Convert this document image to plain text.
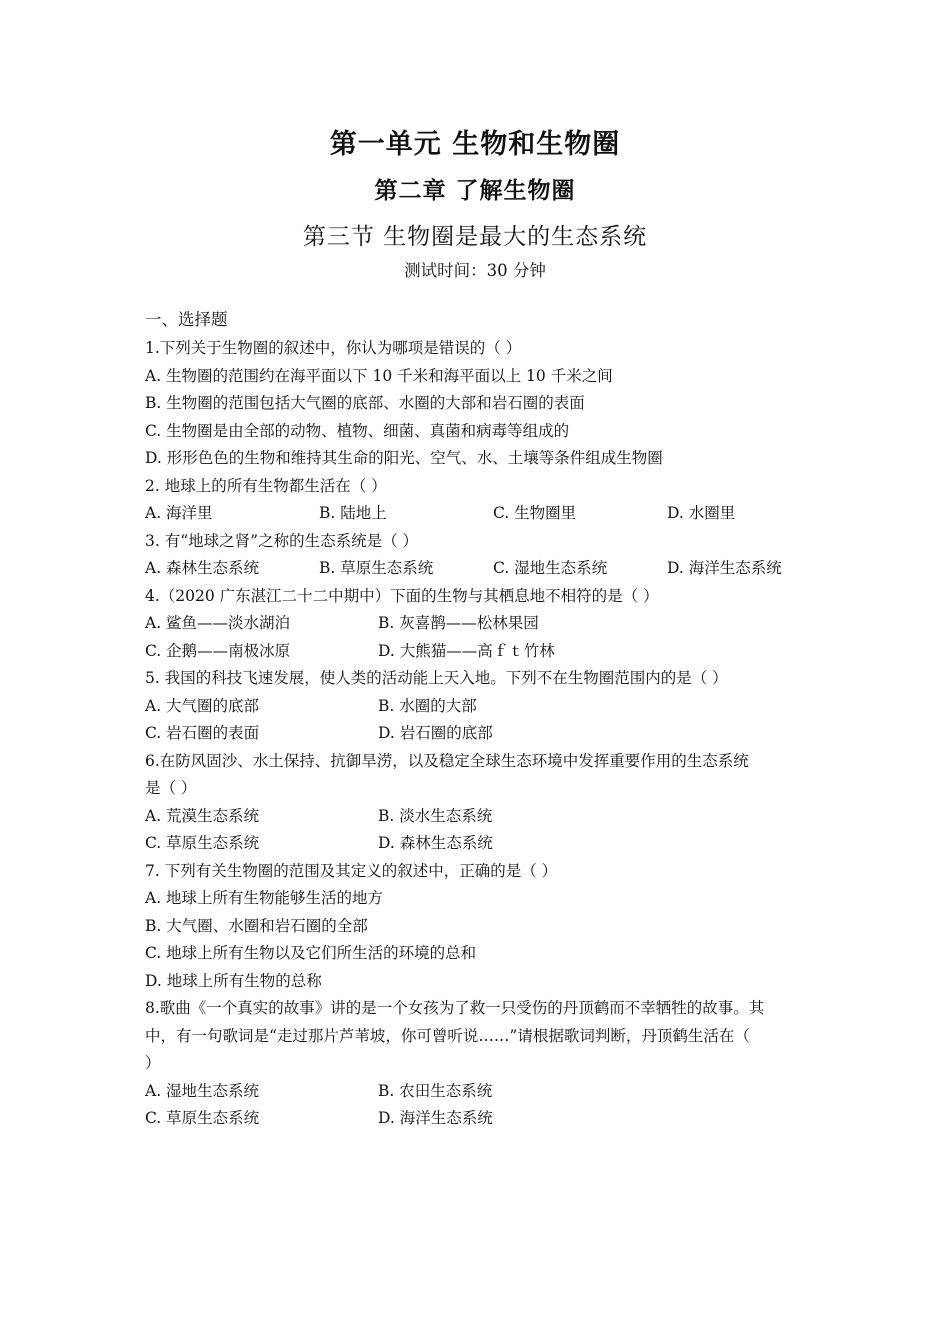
第一单元 生物和生物圈
第二章 了解生物圈
第三节 生物圈是最大的生态系统
测试时间：30 分钟
一、选择题
1.下列关于生物圈的叙述中，你认为哪项是错误的（ ）
A. 生物圈的范围约在海平面以下 10 千米和海平面以上 10 千米之间
B. 生物圈的范围包括大气圈的底部、水圈的大部和岩石圈的表面
C. 生物圈是由全部的动物、植物、细菌、真菌和病毒等组成的
D. 形形色色的生物和维持其生命的阳光、空气、水、土壤等条件组成生物圈
2. 地球上的所有生物都生活在（ ）
A. 海洋里	B. 陆地上	C. 生物圈里	D. 水圈里
3. 有“地球之肾”之称的生态系统是（ ）
A. 森林生态系统	B. 草原生态系统	C. 湿地生态系统	D. 海洋生态系统
4.（2020 广东湛江二十二中期中）下面的生物与其栖息地不相符的是（ ）
A. 鲨鱼——淡水湖泊	B. 灰喜鹊——松林果园
C. 企鹅——南极冰原	D. 大熊猫——高ｆｔ竹林
5. 我国的科技飞速发展，使人类的活动能上天入地。下列不在生物圈范围内的是（ ）
A. 大气圈的底部	B. 水圈的大部
C. 岩石圈的表面	D. 岩石圈的底部
6.在防风固沙、水土保持、抗御旱涝，以及稳定全球生态环境中发挥重要作用的生态系统
是（ ）
A. 荒漠生态系统	B. 淡水生态系统
C. 草原生态系统	D. 森林生态系统
7. 下列有关生物圈的范围及其定义的叙述中，正确的是（ ）
A. 地球上所有生物能够生活的地方
B. 大气圈、水圈和岩石圈的全部
C. 地球上所有生物以及它们所生活的环境的总和
D. 地球上所有生物的总称
8.歌曲《一个真实的故事》讲的是一个女孩为了救一只受伤的丹顶鹤而不幸牺牲的故事。其
中，有一句歌词是“走过那片芦苇坡，你可曾听说……”请根据歌词判断，丹顶鹤生活在（
）
A. 湿地生态系统	B. 农田生态系统
C. 草原生态系统	D. 海洋生态系统
